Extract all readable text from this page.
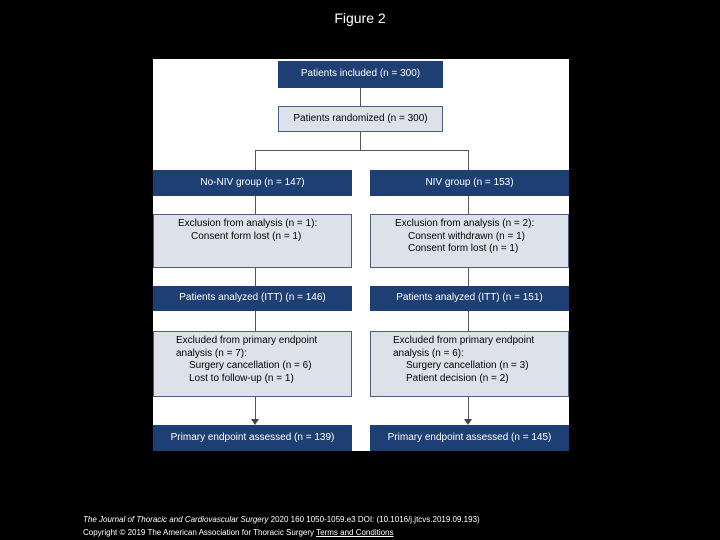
Figure 2
Patients included (n = 300)
Patients randomized (n = 300)
No-NIV group (n = 147)	NIV group (n = 153)
Exclusion from analysis (n = 1):
Consent form lost (n = 1)
Exclusion from analysis (n = 2):
Consent withdrawn (n = 1)
Consent form lost (n = 1)
Patients analyzed (ITT) (n = 146)	Patients analyzed (ITT) (n = 151)
Excluded from primary endpoint
analysis (n = 7):
Surgery cancellation (n = 6)
Lost to follow-up (n = 1)
Excluded from primary endpoint
analysis (n = 6):
Surgery cancellation (n = 3)
Patient decision (n = 2)
Primary endpoint assessed (n = 139)	Primary endpoint assessed (n = 145)
The Journal of Thoracic and Cardiovascular Surgery 2020 160 1050-1059.e3 DOI: (10.1016/j.jtcvs.2019.09.193)
Copyright © 2019 The American Association for Thoracic Surgery Terms and Conditions
